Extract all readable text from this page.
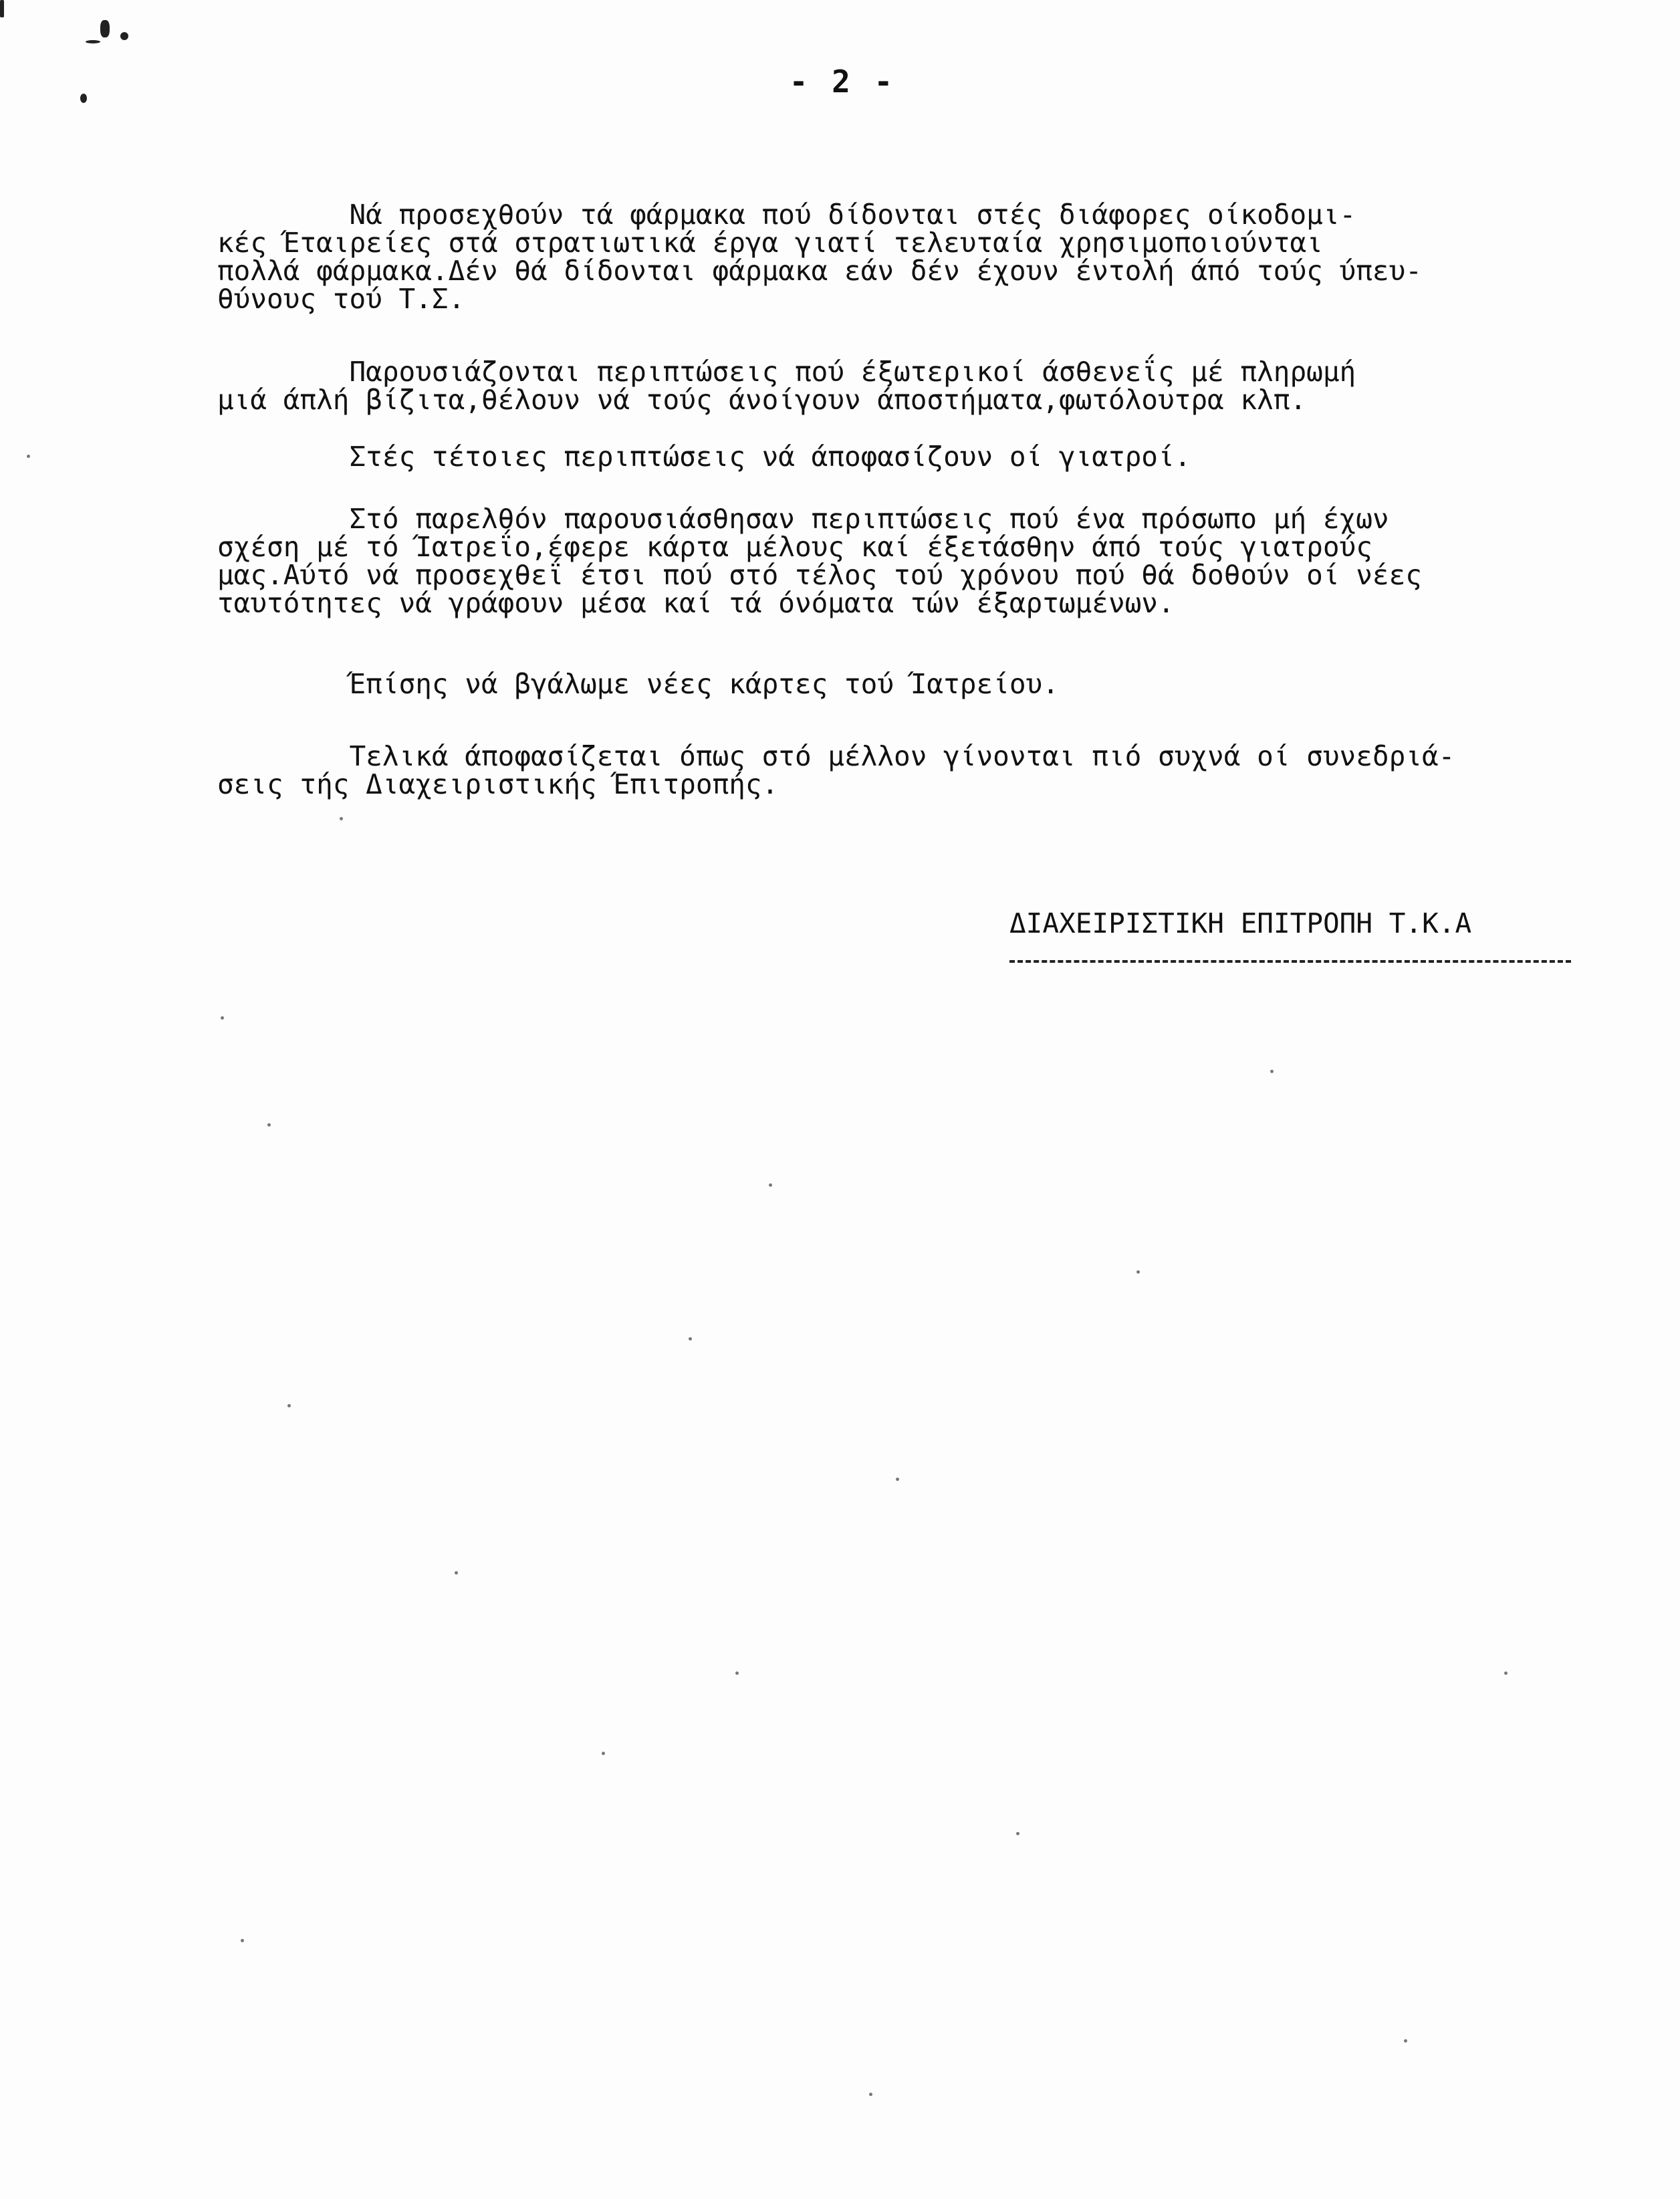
- 2 -
Νά προσεχθούν τά φάρμακα πού δίδονται στές διάφορες οίκοδομι-
κές Έταιρείες στά στρατιωτικά έργα γιατί τελευταία χρησιμοποιούνται
πολλά φάρμακα.Δέν θά δίδονται φάρμακα εάν δέν έχουν έντολή άπό τούς ύπευ-
θύνους τού Τ.Σ.
Παρουσιάζονται περιπτώσεις πού έξωτερικοί άσθενεΐς μέ πληρωμή
μιά άπλή βίζιτα,θέλουν νά τούς άνοίγουν άποστήματα,φωτόλουτρα κλπ.
Στές τέτοιες περιπτώσεις νά άποφασίζουν οί γιατροί.
Στό παρελθόν παρουσιάσθησαν περιπτώσεις πού ένα πρόσωπο μή έχων
σχέση μέ τό Ίατρεΐο,έφερε κάρτα μέλους καί έξετάσθην άπό τούς γιατρούς
μας.Αύτό νά προσεχθεΐ έτσι πού στό τέλος τού χρόνου πού θά δοθούν οί νέες
ταυτότητες νά γράφουν μέσα καί τά όνόματα τών έξαρτωμένων.
Έπίσης νά βγάλωμε νέες κάρτες τού Ίατρείου.
Τελικά άποφασίζεται όπως στό μέλλον γίνονται πιό συχνά οί συνεδριά-
σεις τής Διαχειριστικής Έπιτροπής.
ΔΙΑΧΕΙΡΙΣΤΙΚΗ ΕΠΙΤΡΟΠΗ Τ.Κ.Α
